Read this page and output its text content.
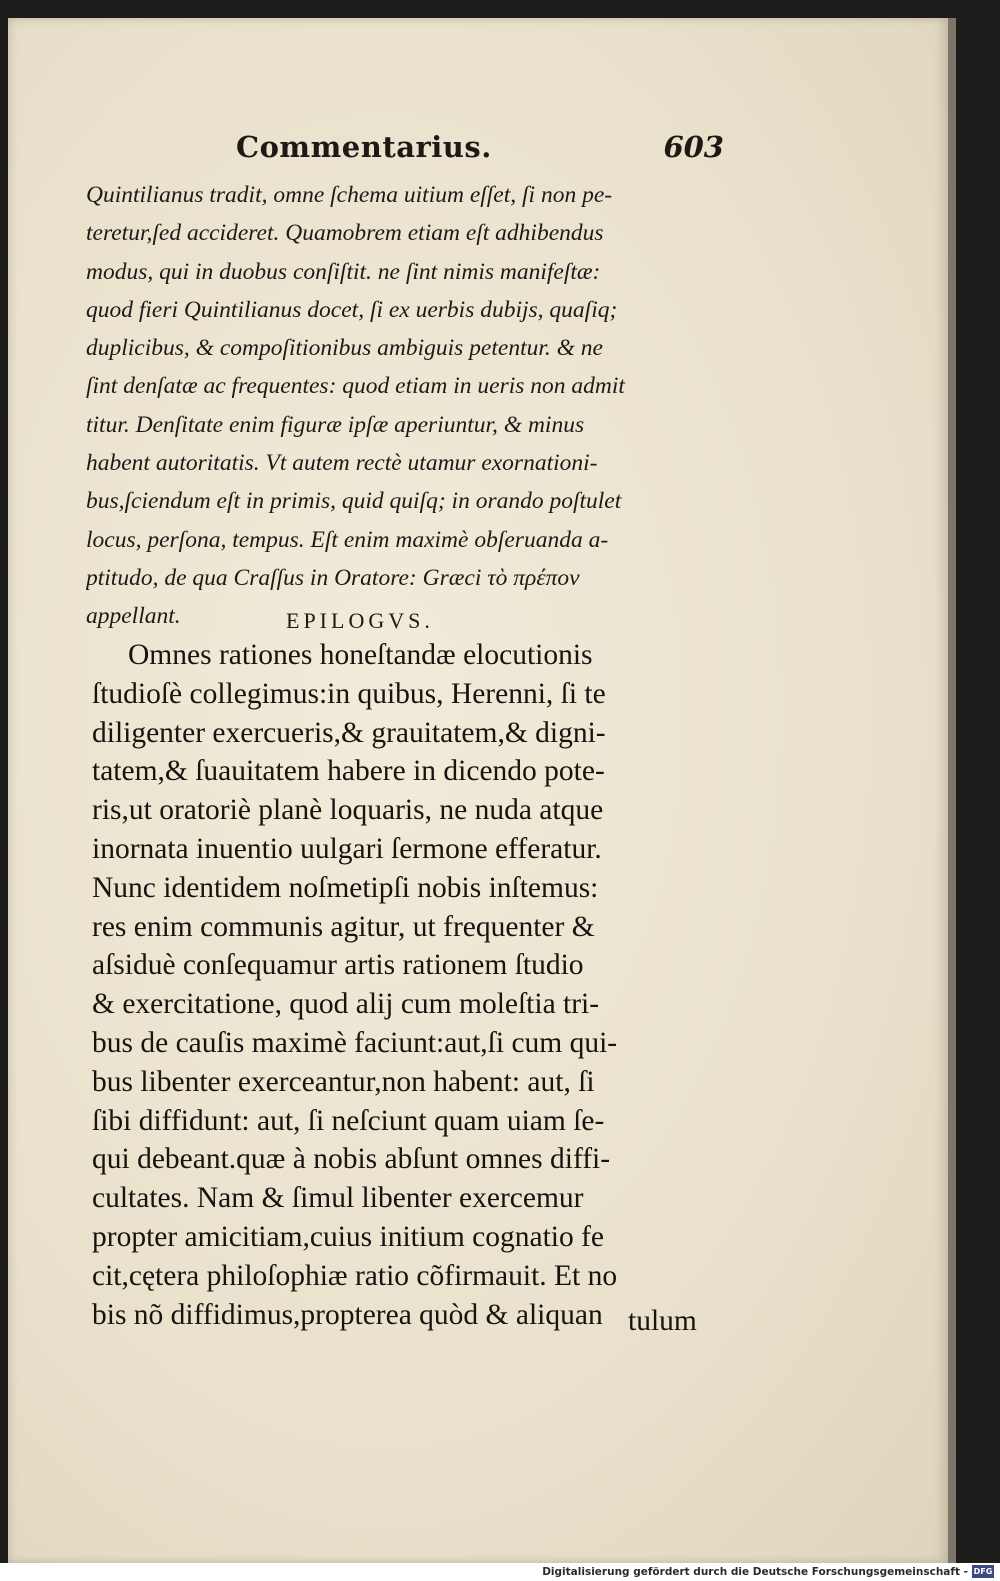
Commentarius.	603
Quintilianus tradit, omne ſchema uitium eſſet, ſi non pe-
teretur,ſed accideret. Quamobrem etiam eſt adhibendus
modus, qui in duobus conſiſtit. ne ſint nimis manifeſtæ:
quod fieri Quintilianus docet, ſi ex uerbis dubijs, quaſiq;
duplicibus, & compoſitionibus ambiguis petentur. & ne
ſint denſatæ ac frequentes: quod etiam in ueris non admit
titur. Denſitate enim figuræ ipſæ aperiuntur, & minus
habent autoritatis. Vt autem rectè utamur exornationi-
bus,ſciendum eſt in primis, quid quiſq; in orando poſtulet
locus, perſona, tempus. Eſt enim maximè obſeruanda a-
ptitudo, de qua Craſſus in Oratore: Græci τὸ πρέπον
appellant.	EPILOGVS.
Omnes rationes honeſtandæ elocutionis
ſtudioſè collegimus:in quibus, Herenni, ſi te
diligenter exercueris,& grauitatem,& digni-
tatem,& ſuauitatem habere in dicendo pote-
ris,ut oratoriè planè loquaris, ne nuda atque
inornata inuentio uulgari ſermone efferatur.
Nunc identidem noſmetipſi nobis inſtemus:
res enim communis agitur, ut frequenter &
aſsiduè conſequamur artis rationem ſtudio
& exercitatione, quod alij cum moleſtia tri-
bus de cauſis maximè faciunt:aut,ſi cum qui-
bus libenter exerceantur,non habent: aut, ſi
ſibi diffidunt: aut, ſi neſciunt quam uiam ſe-
qui debeant.quæ à nobis abſunt omnes diffi-
cultates. Nam & ſimul libenter exercemur
propter amicitiam,cuius initium cognatio fe
cit,cętera philoſophiæ ratio cõfirmauit. Et no
bis nõ diffidimus,propterea quòd & aliquan tulum
Digitalisierung gefördert durch die Deutsche Forschungsgemeinschaft - DFG
